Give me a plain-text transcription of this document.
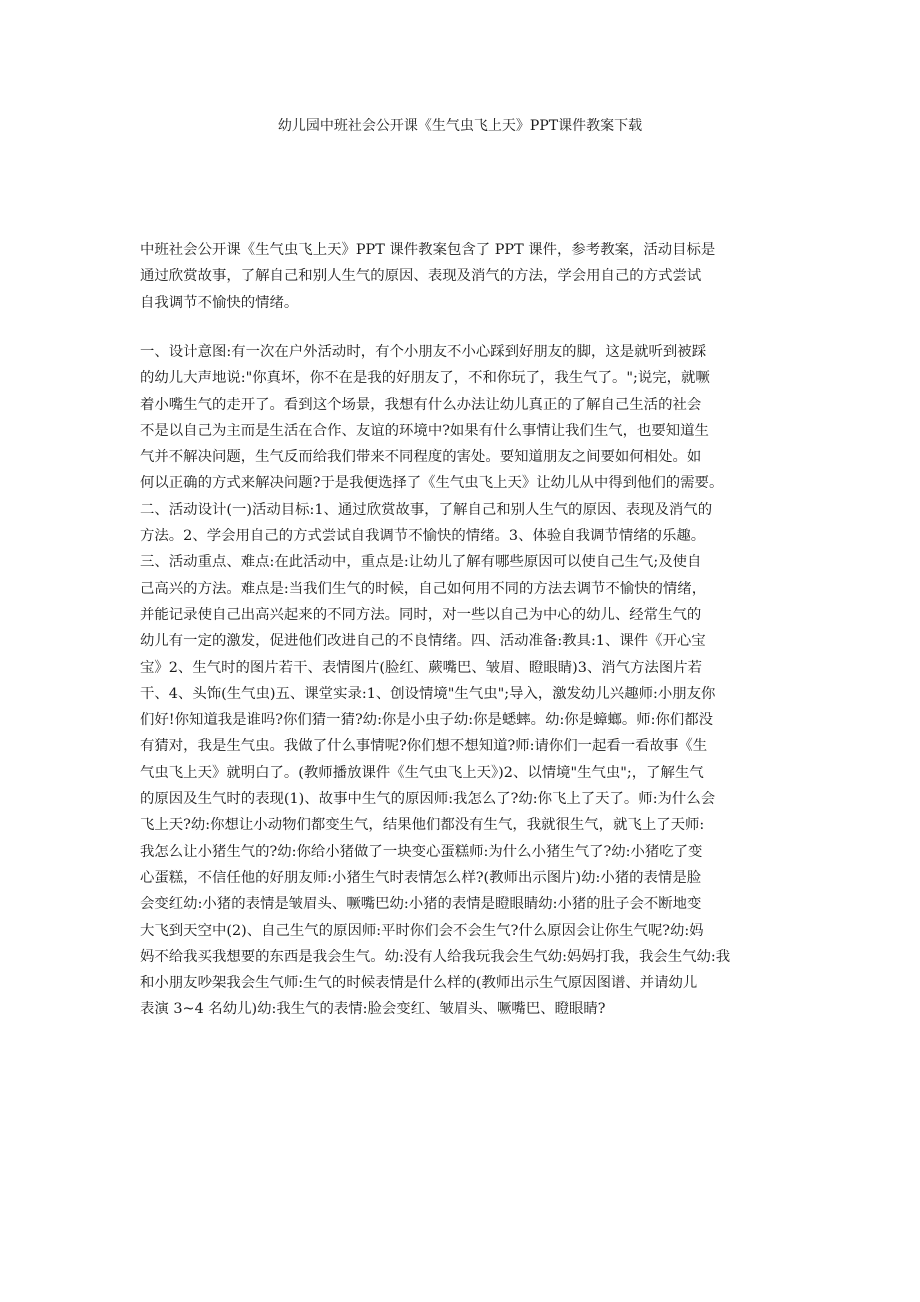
幼儿园中班社会公开课《生气虫飞上天》PPT课件教案下载
中班社会公开课《生气虫飞上天》PPT 课件教案包含了 PPT 课件，参考教案，活动目标是
通过欣赏故事，了解自己和别人生气的原因、表现及消气的方法，学会用自己的方式尝试
自我调节不愉快的情绪。
一、设计意图:有一次在户外活动时，有个小朋友不小心踩到好朋友的脚，这是就听到被踩
的幼儿大声地说:"你真坏，你不在是我的好朋友了，不和你玩了，我生气了。";说完，就噘
着小嘴生气的走开了。看到这个场景，我想有什么办法让幼儿真正的了解自己生活的社会
不是以自己为主而是生活在合作、友谊的环境中?如果有什么事情让我们生气，也要知道生
气并不解决问题，生气反而给我们带来不同程度的害处。要知道朋友之间要如何相处。如
何以正确的方式来解决问题?于是我便选择了《生气虫飞上天》让幼儿从中得到他们的需要。
二、活动设计(一)活动目标:1、通过欣赏故事，了解自己和别人生气的原因、表现及消气的
方法。2、学会用自己的方式尝试自我调节不愉快的情绪。3、体验自我调节情绪的乐趣。
三、活动重点、难点:在此活动中，重点是:让幼儿了解有哪些原因可以使自己生气;及使自
己高兴的方法。难点是:当我们生气的时候，自己如何用不同的方法去调节不愉快的情绪，
并能记录使自己出高兴起来的不同方法。同时，对一些以自己为中心的幼儿、经常生气的
幼儿有一定的激发，促进他们改进自己的不良情绪。四、活动准备:教具:1、课件《开心宝
宝》2、生气时的图片若干、表情图片(脸红、蕨嘴巴、皱眉、瞪眼睛)3、消气方法图片若
干、4、头饰(生气虫)五、课堂实录:1、创设情境"生气虫";导入，激发幼儿兴趣师:小朋友你
们好!你知道我是谁吗?你们猜一猜?幼:你是小虫子幼:你是蟋蟀。幼:你是蟑螂。师:你们都没
有猜对，我是生气虫。我做了什么事情呢?你们想不想知道?师:请你们一起看一看故事《生
气虫飞上天》就明白了。(教师播放课件《生气虫飞上天》)2、以情境"生气虫";，了解生气
的原因及生气时的表现(1)、故事中生气的原因师:我怎么了?幼:你飞上了天了。师:为什么会
飞上天?幼:你想让小动物们都变生气，结果他们都没有生气，我就很生气，就飞上了天师:
我怎么让小猪生气的?幼:你给小猪做了一块变心蛋糕师:为什么小猪生气了?幼:小猪吃了变
心蛋糕，不信任他的好朋友师:小猪生气时表情怎么样?(教师出示图片)幼:小猪的表情是脸
会变红幼:小猪的表情是皱眉头、噘嘴巴幼:小猪的表情是瞪眼睛幼:小猪的肚子会不断地变
大飞到天空中(2)、自己生气的原因师:平时你们会不会生气?什么原因会让你生气呢?幼:妈
妈不给我买我想要的东西是我会生气。幼:没有人给我玩我会生气幼:妈妈打我，我会生气幼:我
和小朋友吵架我会生气师:生气的时候表情是什么样的(教师出示生气原因图谱、并请幼儿
表演 3~4 名幼儿)幼:我生气的表情:脸会变红、皱眉头、噘嘴巴、瞪眼睛?
